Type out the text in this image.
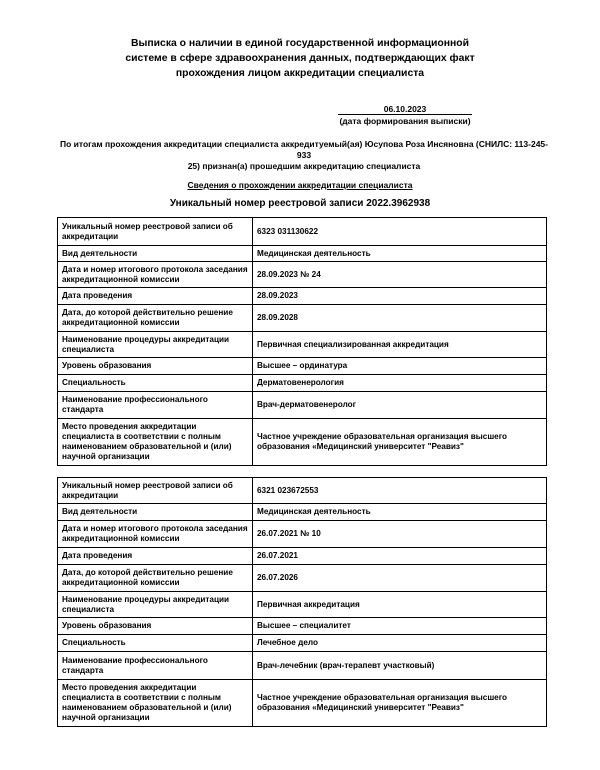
Выписка о наличии в единой государственной информационной
системе в сфере здравоохранения данных, подтверждающих факт
прохождения лицом аккредитации специалиста
06.10.2023
(дата формирования выписки)
По итогам прохождения аккредитации специалиста аккредитуемый(ая) Юсупова Роза Инсяновна (СНИЛС: 113-245-933
25) признан(а) прошедшим аккредитацию специалиста
Сведения о прохождении аккредитации специалиста
Уникальный номер реестровой записи 2022.3962938
Уникальный номер реестровой записи об аккредитации	6323 031130622
Вид деятельности	Медицинская деятельность
Дата и номер итогового протокола заседания аккредитационной комиссии	28.09.2023 № 24
Дата проведения	28.09.2023
Дата, до которой действительно решение аккредитационной комиссии	28.09.2028
Наименование процедуры аккредитации специалиста	Первичная специализированная аккредитация
Уровень образования	Высшее – ординатура
Специальность	Дерматовенерология
Наименование профессионального стандарта	Врач-дерматовенеролог
Место проведения аккредитации специалиста в соответствии с полным наименованием образовательной и (или) научной организации	Частное учреждение образовательная организация высшего образования «Медицинский университет "Реавиз"
Уникальный номер реестровой записи об аккредитации	6321 023672553
Вид деятельности	Медицинская деятельность
Дата и номер итогового протокола заседания аккредитационной комиссии	26.07.2021 № 10
Дата проведения	26.07.2021
Дата, до которой действительно решение аккредитационной комиссии	26.07.2026
Наименование процедуры аккредитации специалиста	Первичная аккредитация
Уровень образования	Высшее – специалитет
Специальность	Лечебное дело
Наименование профессионального стандарта	Врач-лечебник (врач-терапевт участковый)
Место проведения аккредитации специалиста в соответствии с полным наименованием образовательной и (или) научной организации	Частное учреждение образовательная организация высшего образования «Медицинский университет "Реавиз"
